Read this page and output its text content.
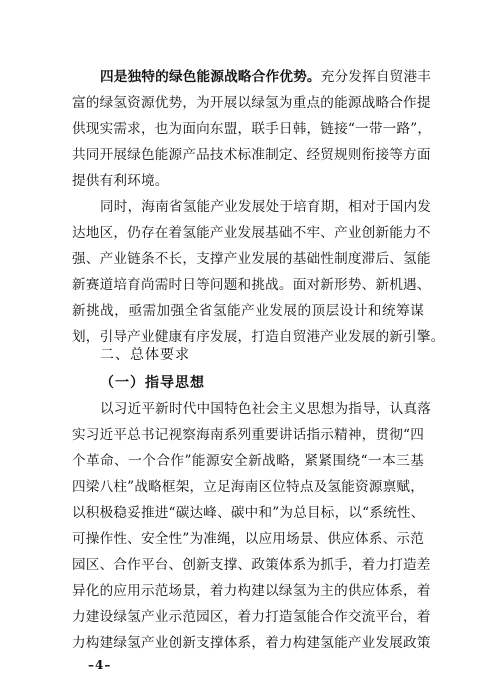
四是独特的绿色能源战略合作优势。充分发挥自贸港丰
富的绿氢资源优势，为开展以绿氢为重点的能源战略合作提
供现实需求，也为面向东盟，联手日韩，链接“一带一路”，
共同开展绿色能源产品技术标准制定、经贸规则衔接等方面
提供有利环境。
同时，海南省氢能产业发展处于培育期，相对于国内发
达地区，仍存在着氢能产业发展基础不牢、产业创新能力不
强、产业链条不长，支撑产业发展的基础性制度滞后、氢能
新赛道培育尚需时日等问题和挑战。面对新形势、新机遇、
新挑战，亟需加强全省氢能产业发展的顶层设计和统筹谋
划，引导产业健康有序发展，打造自贸港产业发展的新引擎。
二、总体要求
（一）指导思想
以习近平新时代中国特色社会主义思想为指导，认真落
实习近平总书记视察海南系列重要讲话指示精神，贯彻“四
个革命、一个合作”能源安全新战略，紧紧围绕“一本三基
四梁八柱”战略框架，立足海南区位特点及氢能资源禀赋，
以积极稳妥推进“碳达峰、碳中和”为总目标，以“系统性、
可操作性、安全性”为准绳，以应用场景、供应体系、示范
园区、合作平台、创新支撑、政策体系为抓手，着力打造差
异化的应用示范场景，着力构建以绿氢为主的供应体系，着
力建设绿氢产业示范园区，着力打造氢能合作交流平台，着
力构建绿氢产业创新支撑体系，着力构建氢能产业发展政策
–4–
